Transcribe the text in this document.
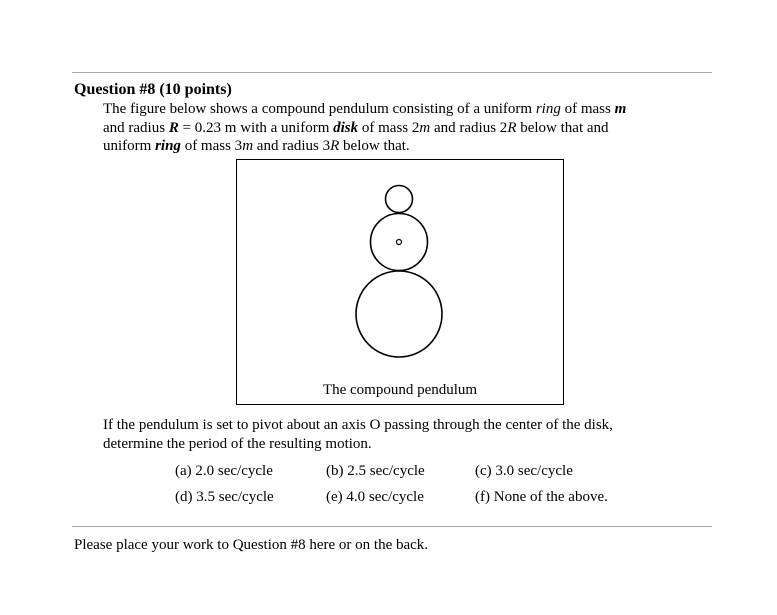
Question #8 (10 points)
The figure below shows a compound pendulum consisting of a uniform ring of mass m
and radius R = 0.23 m with a uniform disk of mass 2m and radius 2R below that and
uniform ring of mass 3m and radius 3R below that.
The compound pendulum
If the pendulum is set to pivot about an axis O passing through the center of the disk,
determine the period of the resulting motion.
(a) 2.0 sec/cycle	(b) 2.5 sec/cycle	(c) 3.0 sec/cycle
(d) 3.5 sec/cycle	(e) 4.0 sec/cycle	(f) None of the above.
Please place your work to Question #8 here or on the back.
